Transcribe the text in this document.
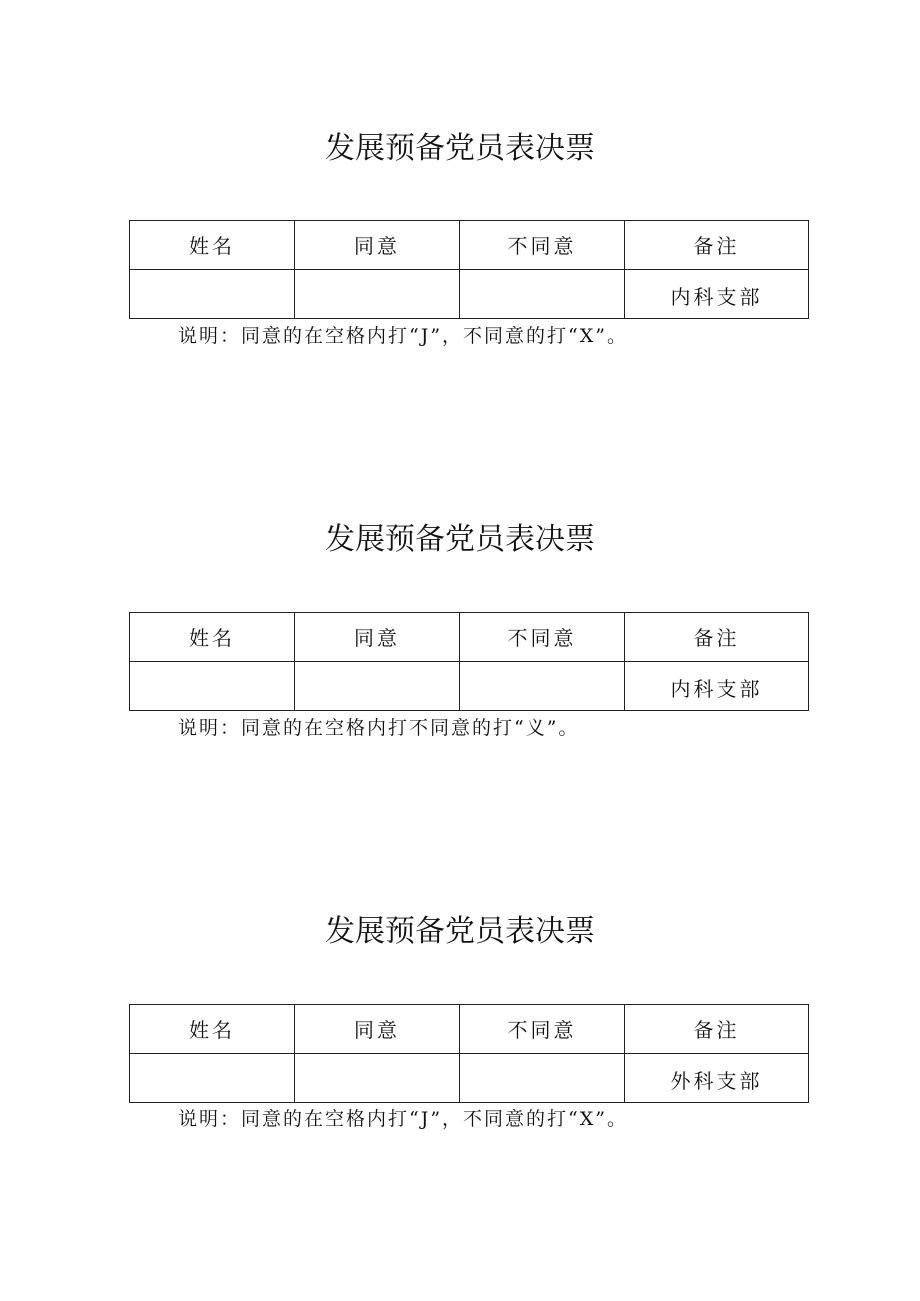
发展预备党员表决票
姓名	同意	不同意	备注
			内科支部
说明：同意的在空格内打“J”，不同意的打“X”。
发展预备党员表决票
姓名	同意	不同意	备注
			内科支部
说明：同意的在空格内打不同意的打“义”。
发展预备党员表决票
姓名	同意	不同意	备注
			外科支部
说明：同意的在空格内打“J”，不同意的打“X”。
